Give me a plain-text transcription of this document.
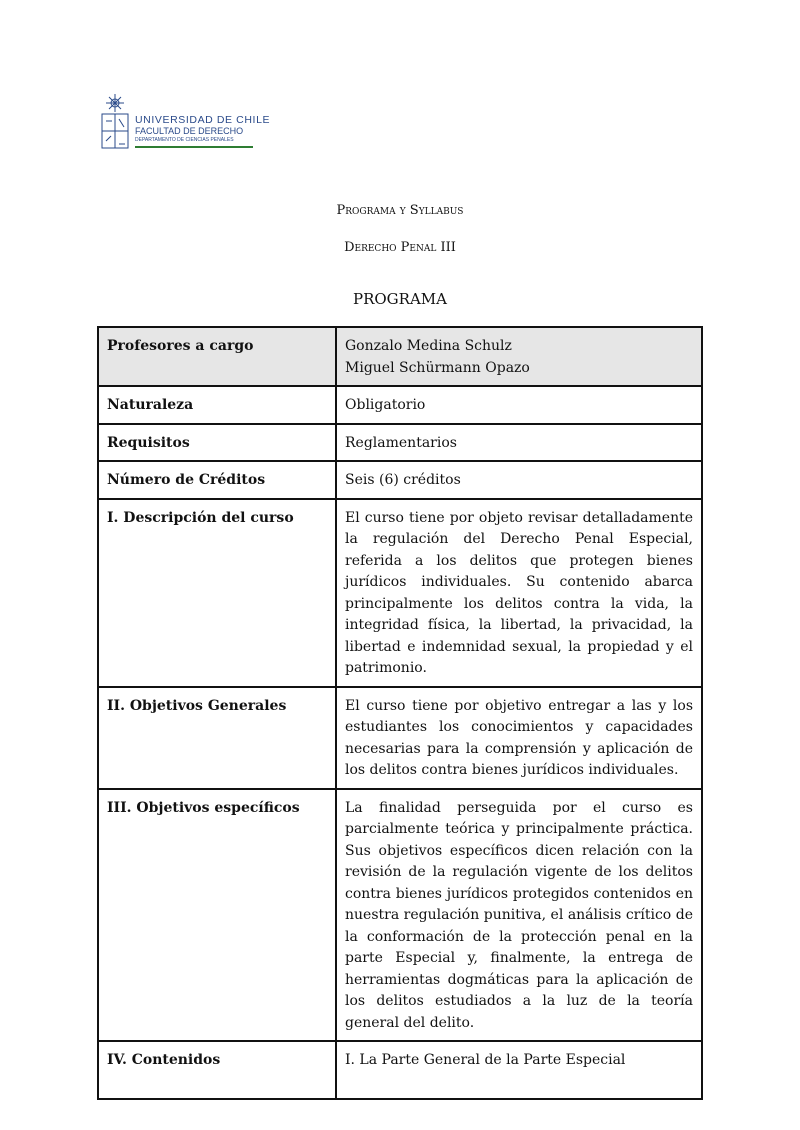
UNIVERSIDAD DE CHILE
FACULTAD DE DERECHO
DEPARTAMENTO DE CIENCIAS PENALES
Programa y Syllabus
Derecho Penal III
PROGRAMA
Profesores a cargo	Gonzalo Medina Schulz
Miguel Schürmann Opazo
Naturaleza	Obligatorio
Requisitos	Reglamentarios
Número de Créditos	Seis (6) créditos
I. Descripción del curso	El curso tiene por objeto revisar detalladamente la regulación del Derecho Penal Especial, referida a los delitos que protegen bienes jurídicos individuales. Su contenido abarca principalmente los delitos contra la vida, la integridad física, la libertad, la privacidad, la libertad e indemnidad sexual, la propiedad y el patrimonio.
II. Objetivos Generales	El curso tiene por objetivo entregar a las y los estudiantes los conocimientos y capacidades necesarias para la comprensión y aplicación de los delitos contra bienes jurídicos individuales.
III. Objetivos específicos	La finalidad perseguida por el curso es parcialmente teórica y principalmente práctica. Sus objetivos específicos dicen relación con la revisión de la regulación vigente de los delitos contra bienes jurídicos protegidos contenidos en nuestra regulación punitiva, el análisis crítico de la conformación de la protección penal en la parte Especial y, finalmente, la entrega de herramientas dogmáticas para la aplicación de los delitos estudiados a la luz de la teoría general del delito.
IV. Contenidos	I. La Parte General de la Parte Especial
